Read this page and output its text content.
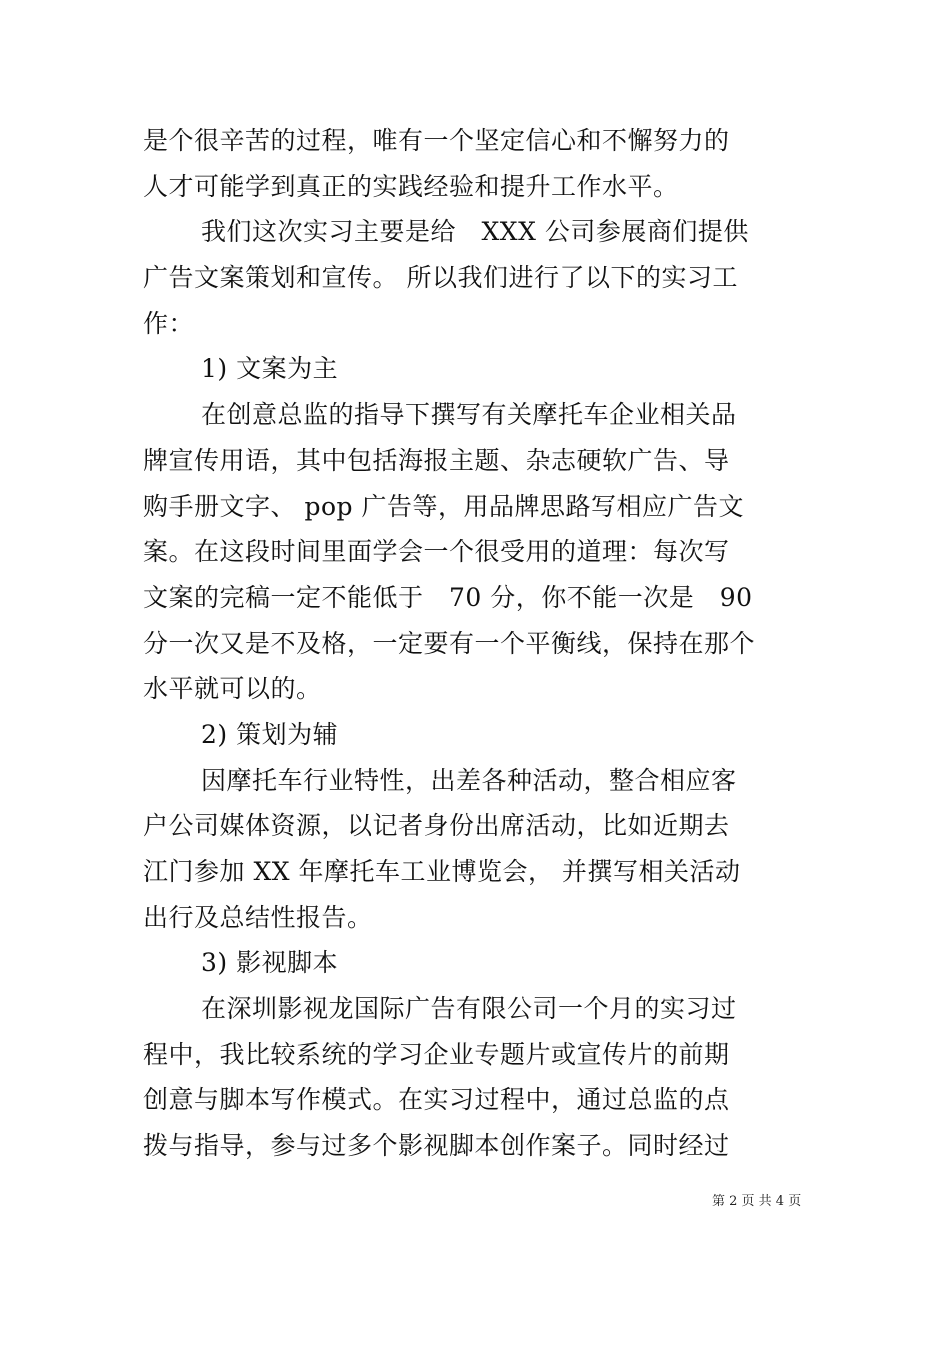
是个很辛苦的过程，唯有一个坚定信心和不懈努力的
人才可能学到真正的实践经验和提升工作水平。
我们这次实习主要是给　XXX 公司参展商们提供
广告文案策划和宣传。 所以我们进行了以下的实习工
作：
1) 文案为主
在创意总监的指导下撰写有关摩托车企业相关品
牌宣传用语，其中包括海报主题、杂志硬软广告、导
购手册文字、 pop 广告等，用品牌思路写相应广告文
案。在这段时间里面学会一个很受用的道理：每次写
文案的完稿一定不能低于　70 分，你不能一次是　90
分一次又是不及格，一定要有一个平衡线，保持在那个
水平就可以的。
2) 策划为辅
因摩托车行业特性，出差各种活动，整合相应客
户公司媒体资源，以记者身份出席活动，比如近期去
江门参加 XX 年摩托车工业博览会， 并撰写相关活动
出行及总结性报告。
3) 影视脚本
在深圳影视龙国际广告有限公司一个月的实习过
程中，我比较系统的学习企业专题片或宣传片的前期
创意与脚本写作模式。在实习过程中，通过总监的点
拨与指导，参与过多个影视脚本创作案子。同时经过
第 2 页 共 4 页
